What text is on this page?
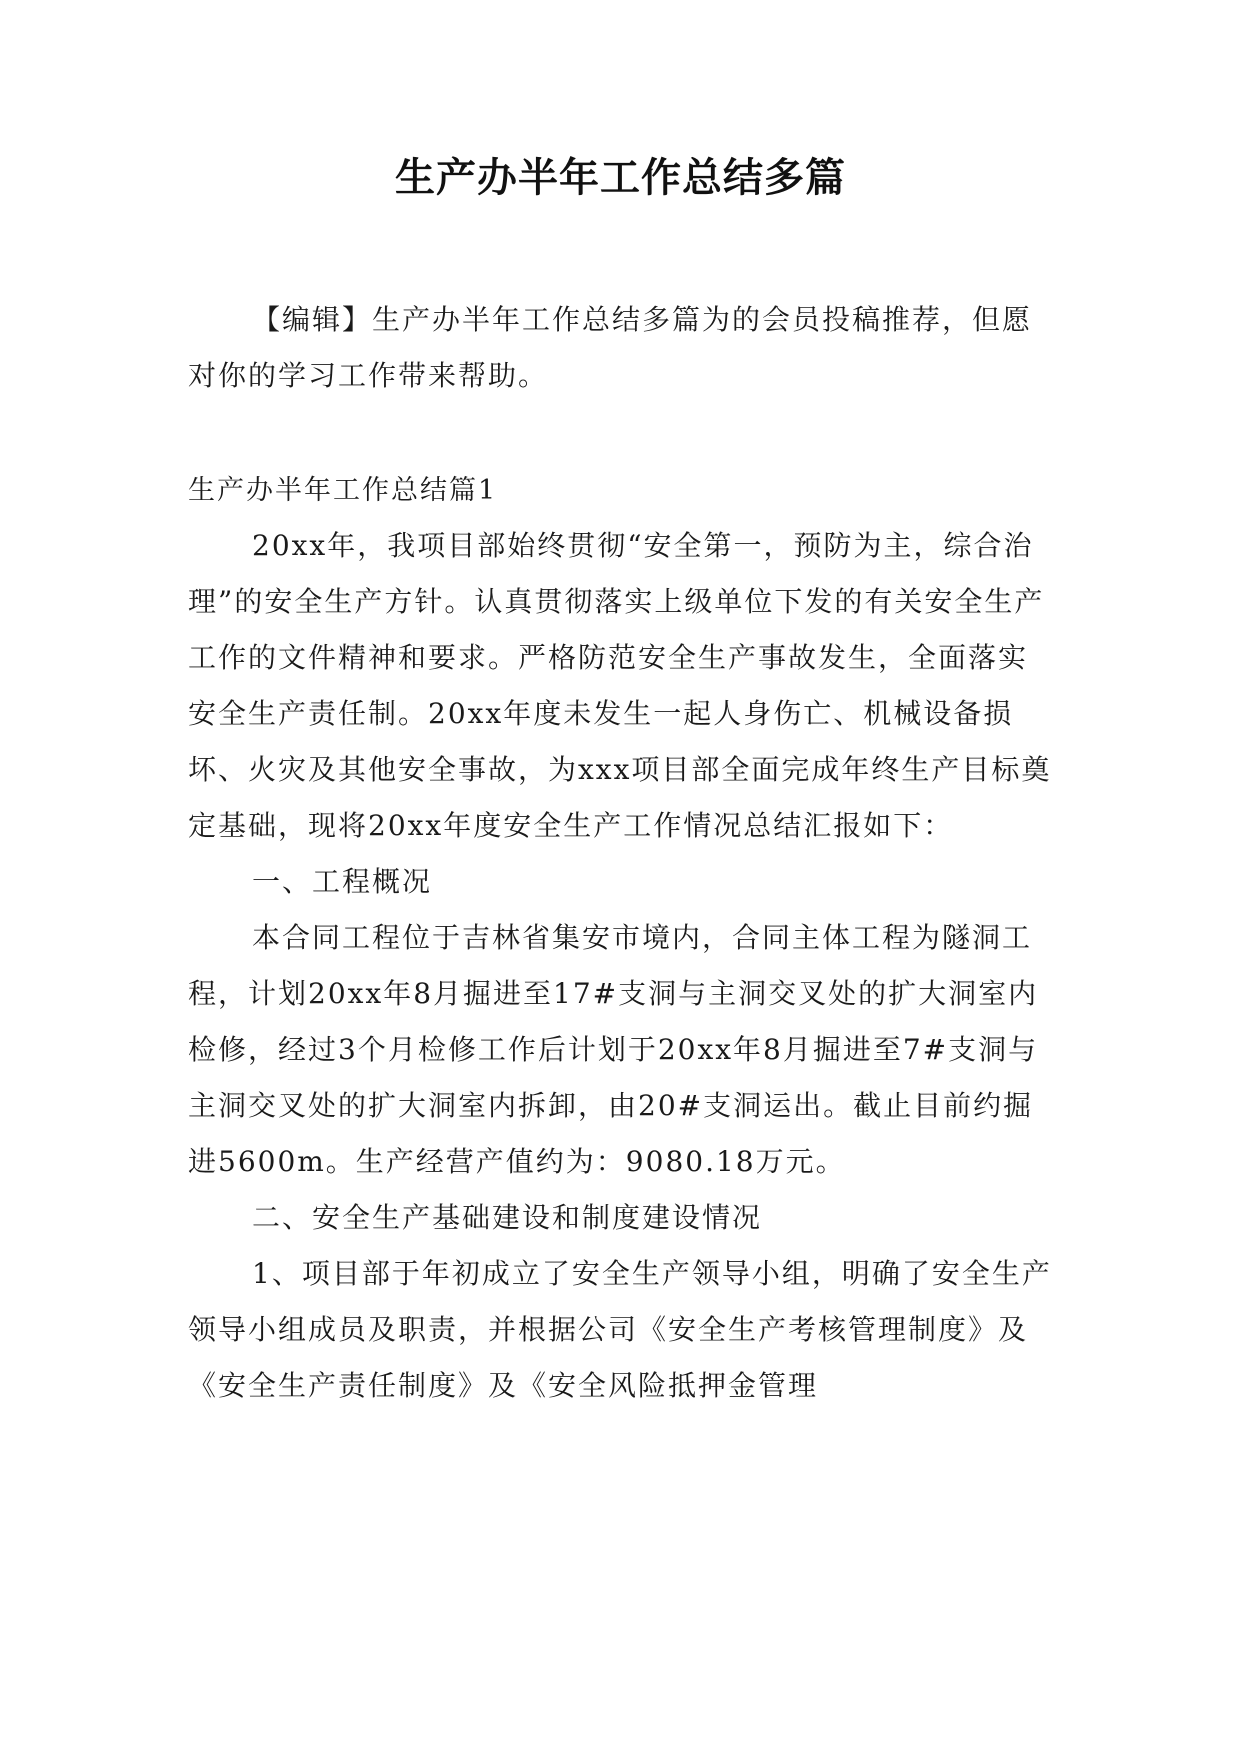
生产办半年工作总结多篇

【编辑】生产办半年工作总结多篇为的会员投稿推荐，但愿对你的学习工作带来帮助。

生产办半年工作总结篇1

20xx年，我项目部始终贯彻“安全第一，预防为主，综合治理”的安全生产方针。认真贯彻落实上级单位下发的有关安全生产工作的文件精神和要求。严格防范安全生产事故发生，全面落实安全生产责任制。20xx年度未发生一起人身伤亡、机械设备损坏、火灾及其他安全事故，为xxx项目部全面完成年终生产目标奠定基础，现将20xx年度安全生产工作情况总结汇报如下：

一、工程概况

本合同工程位于吉林省集安市境内，合同主体工程为隧洞工程，计划20xx年8月掘进至17#支洞与主洞交叉处的扩大洞室内检修，经过3个月检修工作后计划于20xx年8月掘进至7#支洞与主洞交叉处的扩大洞室内拆卸，由20#支洞运出。截止目前约掘进5600m。生产经营产值约为：9080.18万元。

二、安全生产基础建设和制度建设情况

1、项目部于年初成立了安全生产领导小组，明确了安全生产领导小组成员及职责，并根据公司《安全生产考核管理制度》及《安全生产责任制度》及《安全风险抵押金管理
